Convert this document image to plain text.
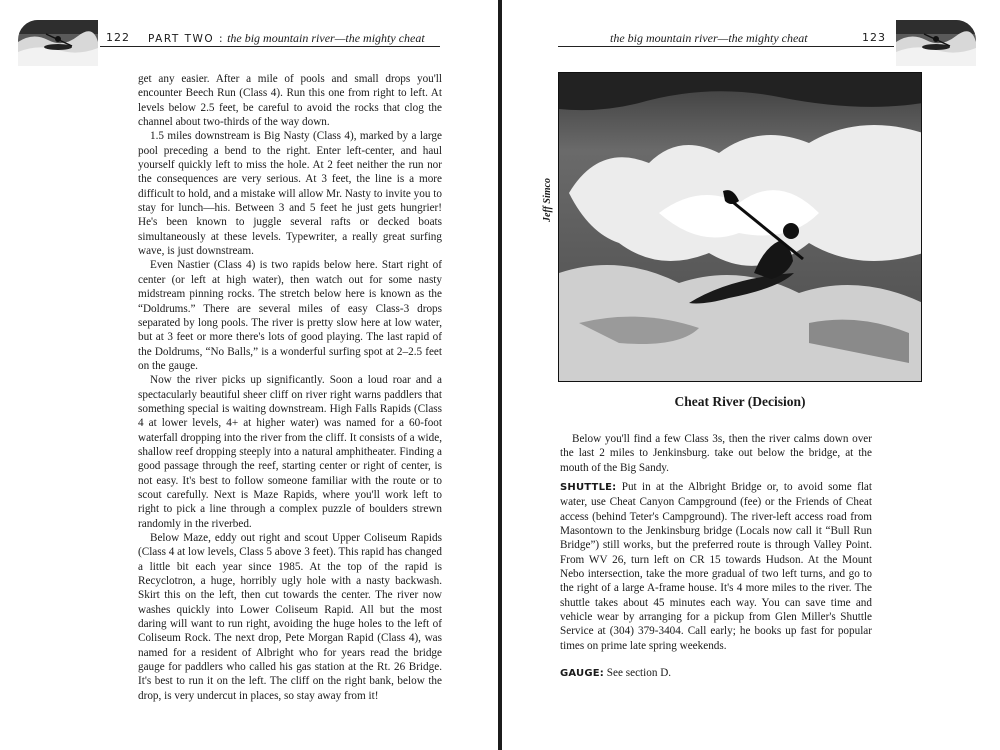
122 PART TWO : the big mountain river—the mighty cheat

get any easier. After a mile of pools and small drops you'll encounter Beech Run (Class 4). Run this one from right to left. At levels below 2.5 feet, be careful to avoid the rocks that clog the channel about two-thirds of the way down.

1.5 miles downstream is Big Nasty (Class 4), marked by a large pool preceding a bend to the right. Enter left-center, and haul yourself quickly left to miss the hole. At 2 feet neither the run nor the consequences are very serious. At 3 feet, the line is a more difficult to hold, and a mistake will allow Mr. Nasty to invite you to stay for lunch—his. Between 3 and 5 feet he just gets hungrier! He's been known to juggle several rafts or decked boats simultaneously at these levels. Typewriter, a really great surfing wave, is just downstream.

Even Nastier (Class 4) is two rapids below here. Start right of center (or left at high water), then watch out for some nasty midstream pinning rocks. The stretch below here is known as the “Doldrums.” There are several miles of easy Class-3 drops separated by long pools. The river is pretty slow here at low water, but at 3 feet or more there's lots of good playing. The last rapid of the Doldrums, “No Balls,” is a wonderful surfing spot at 2–2.5 feet on the gauge.

Now the river picks up significantly. Soon a loud roar and a spectacularly beautiful sheer cliff on river right warns paddlers that something special is waiting downstream. High Falls Rapids (Class 4 at lower levels, 4+ at higher water) was named for a 60-foot waterfall dropping into the river from the cliff. It consists of a wide, shallow reef dropping steeply into a natural amphitheater. Finding a good passage through the reef, starting center or right of center, is not easy. It's best to follow someone familiar with the route or to scout carefully. Next is Maze Rapids, where you'll work left to right to pick a line through a complex puzzle of boulders strewn randomly in the riverbed.

Below Maze, eddy out right and scout Upper Coliseum Rapids (Class 4 at low levels, Class 5 above 3 feet). This rapid has changed a little bit each year since 1985. At the top of the rapid is Recyclotron, a huge, horribly ugly hole with a nasty backwash. Skirt this on the left, then cut towards the center. The river now washes quickly into Lower Coliseum Rapid. All but the most daring will want to run right, avoiding the huge holes to the left of Coliseum Rock. The next drop, Pete Morgan Rapid (Class 4), was named for a resident of Albright who for years read the bridge gauge for paddlers who called his gas station at the Rt. 26 Bridge. It's best to run it on the left. The cliff on the right bank, below the drop, is very undercut in places, so stay away from it!

the big mountain river—the mighty cheat	123
Jeff Simco
Cheat River (Decision)

Below you'll find a few Class 3s, then the river calms down over the last 2 miles to Jenkinsburg. take out below the bridge, at the mouth of the Big Sandy.

SHUTTLE: Put in at the Albright Bridge or, to avoid some flat water, use Cheat Canyon Campground (fee) or the Friends of Cheat access (behind Teter's Campground). The river-left access road from Masontown to the Jenkinsburg bridge (Locals now call it “Bull Run Bridge”) still works, but the preferred route is through Valley Point. From WV 26, turn left on CR 15 towards Hudson. At the Mount Nebo intersection, take the more gradual of two left turns, and go to the right of a large A-frame house. It's 4 more miles to the river. The shuttle takes about 45 minutes each way. You can save time and vehicle wear by arranging for a pickup from Glen Miller's Shuttle Service at (304) 379-3404. Call early; he books up fast for popular times on prime late spring weekends.
GAUGE: See section D.
